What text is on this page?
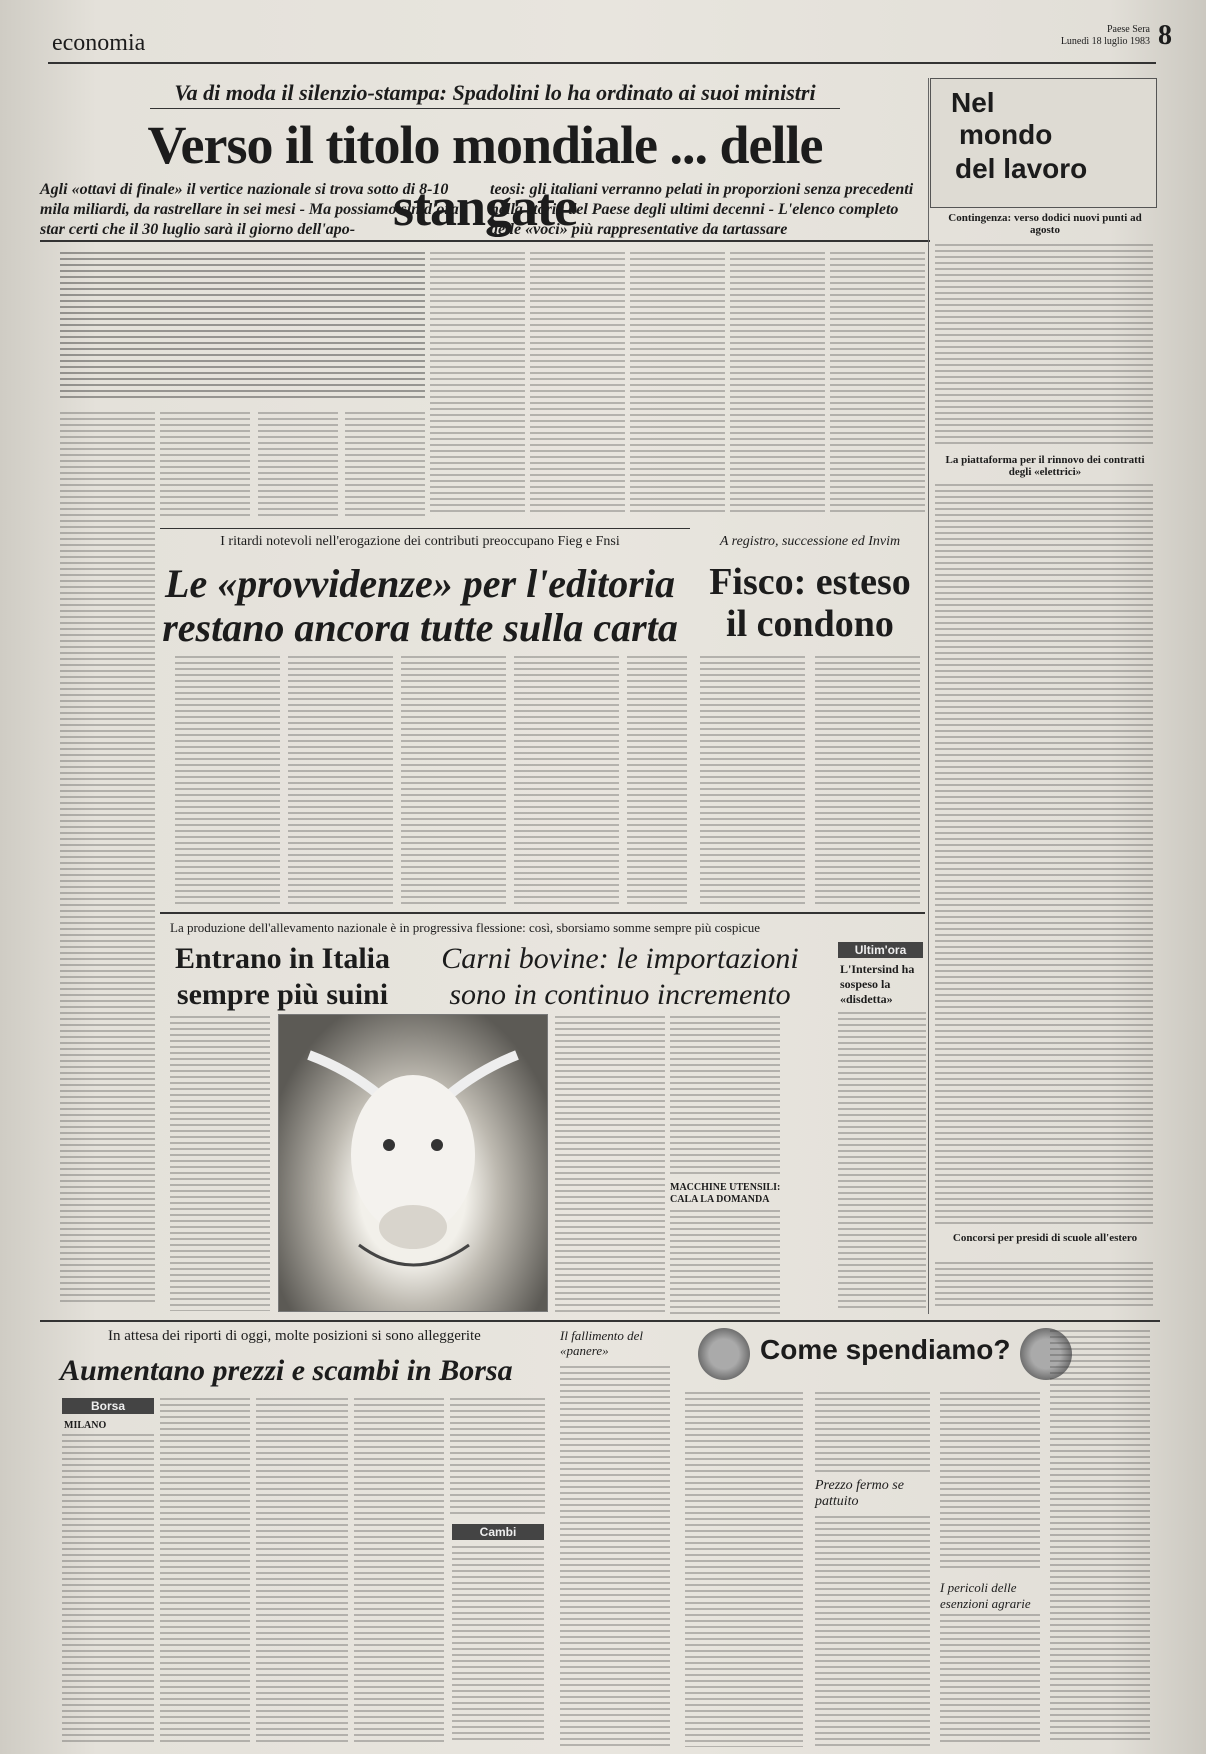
economia
Paese Sera
Lunedì 18 luglio 1983 8
Va di moda il silenzio-stampa: Spadolini lo ha ordinato ai suoi ministri
Verso il titolo mondiale ... delle stangate
Agli «ottavi di finale» il vertice nazionale si trova sotto di 8-10 mila miliardi, da rastrellare in sei mesi - Ma possiamo sin d'ora star certi che il 30 luglio sarà il giorno dell'apo-
teosi: gli italiani verranno pelati in proporzioni senza precedenti nella storia del Paese degli ultimi decenni - L'elenco completo delle «voci» più rappresentative da tartassare
Nel
mondo
del lavoro
Contingenza: verso dodici nuovi punti ad agosto
La piattaforma per il rinnovo dei contratti degli «elettrici»
Concorsi per presidi di scuole all'estero
I ritardi notevoli nell'erogazione dei contributi preoccupano Fieg e Fnsi
Le «provvidenze» per l'editoria
restano ancora tutte sulla carta
A registro, successione ed Invim
Fisco: esteso
il condono
La produzione dell'allevamento nazionale è in progressiva flessione: così, sborsiamo somme sempre più cospicue
Entrano in Italia
sempre più suini
Carni bovine: le importazioni
sono in continuo incremento
MACCHINE UTENSILI: CALA LA DOMANDA
Ultim'ora
L'Intersind ha sospeso la «disdetta»
In attesa dei riporti di oggi, molte posizioni si sono alleggerite
Aumentano prezzi e scambi in Borsa
Borsa
MILANO
Cambi
Il fallimento del «panere»	Come spendiamo?
Prezzo fermo se pattuito
I pericoli delle esenzioni agrarie
